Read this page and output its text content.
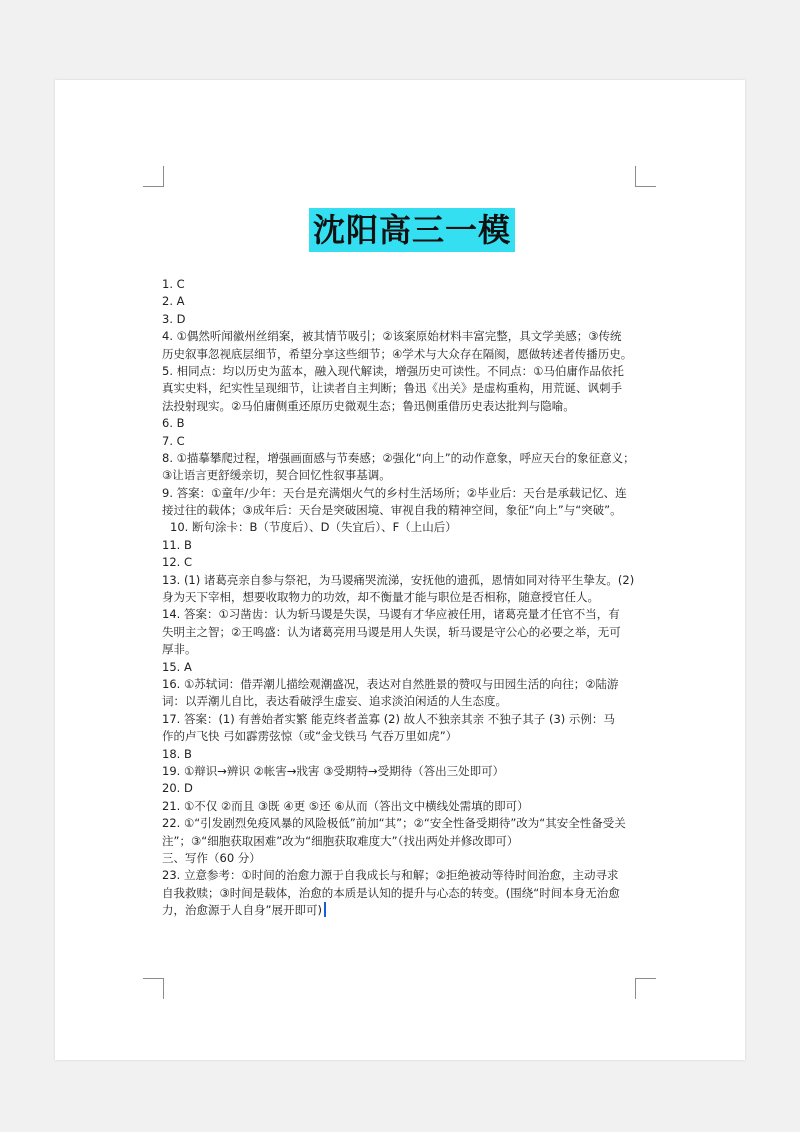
沈阳高三一模
1. C
2. A
3. D
4. ①偶然听闻徽州丝绢案，被其情节吸引；②该案原始材料丰富完整，具文学美感；③传统
历史叙事忽视底层细节，希望分享这些细节；④学术与大众存在隔阂，愿做转述者传播历史。
5. 相同点：均以历史为蓝本，融入现代解读，增强历史可读性。不同点：①马伯庸作品依托
真实史料，纪实性呈现细节，让读者自主判断；鲁迅《出关》是虚构重构，用荒诞、讽刺手
法投射现实。②马伯庸侧重还原历史微观生态；鲁迅侧重借历史表达批判与隐喻。
6. B
7. C
8. ①描摹攀爬过程，增强画面感与节奏感；②强化“向上”的动作意象，呼应天台的象征意义；
③让语言更舒缓亲切，契合回忆性叙事基调。
9. 答案：①童年/少年：天台是充满烟火气的乡村生活场所；②毕业后：天台是承载记忆、连
接过往的载体；③成年后：天台是突破困境、审视自我的精神空间，象征“向上”与“突破”。
10. 断句涂卡：B（节度后）、D（失宜后）、F（上山后）
11. B
12. C
13. (1) 诸葛亮亲自参与祭祀，为马谡痛哭流涕，安抚他的遗孤，恩情如同对待平生挚友。(2)
身为天下宰相，想要收取物力的功效，却不衡量才能与职位是否相称，随意授官任人。
14. 答案：①习凿齿：认为斩马谡是失误，马谡有才华应被任用，诸葛亮量才任官不当，有
失明主之智；②王鸣盛：认为诸葛亮用马谡是用人失误，斩马谡是守公心的必要之举，无可
厚非。
15. A
16. ①苏轼词：借弄潮儿描绘观潮盛况，表达对自然胜景的赞叹与田园生活的向往；②陆游
词：以弄潮儿自比，表达看破浮生虚妄、追求淡泊闲适的人生态度。
17. 答案：(1) 有善始者实繁 能克终者盖寡 (2) 故人不独亲其亲 不独子其子 (3) 示例：马
作的卢飞快 弓如霹雳弦惊（或“金戈铁马 气吞万里如虎”）
18. B
19. ①辩识→辨识 ②帐害→戕害 ③受期特→受期待（答出三处即可）
20. D
21. ①不仅 ②而且 ③既 ④更 ⑤还 ⑥从而（答出文中横线处需填的即可）
22. ①“引发剧烈免疫风暴的风险极低”前加“其”；②“安全性备受期待”改为“其安全性备受关
注”；③“细胞获取困难”改为“细胞获取难度大”（找出两处并修改即可）
三、写作（60 分）
23. 立意参考：①时间的治愈力源于自我成长与和解；②拒绝被动等待时间治愈，主动寻求
自我救赎；③时间是载体，治愈的本质是认知的提升与心态的转变。(围绕“时间本身无治愈
力，治愈源于人自身”展开即可)
